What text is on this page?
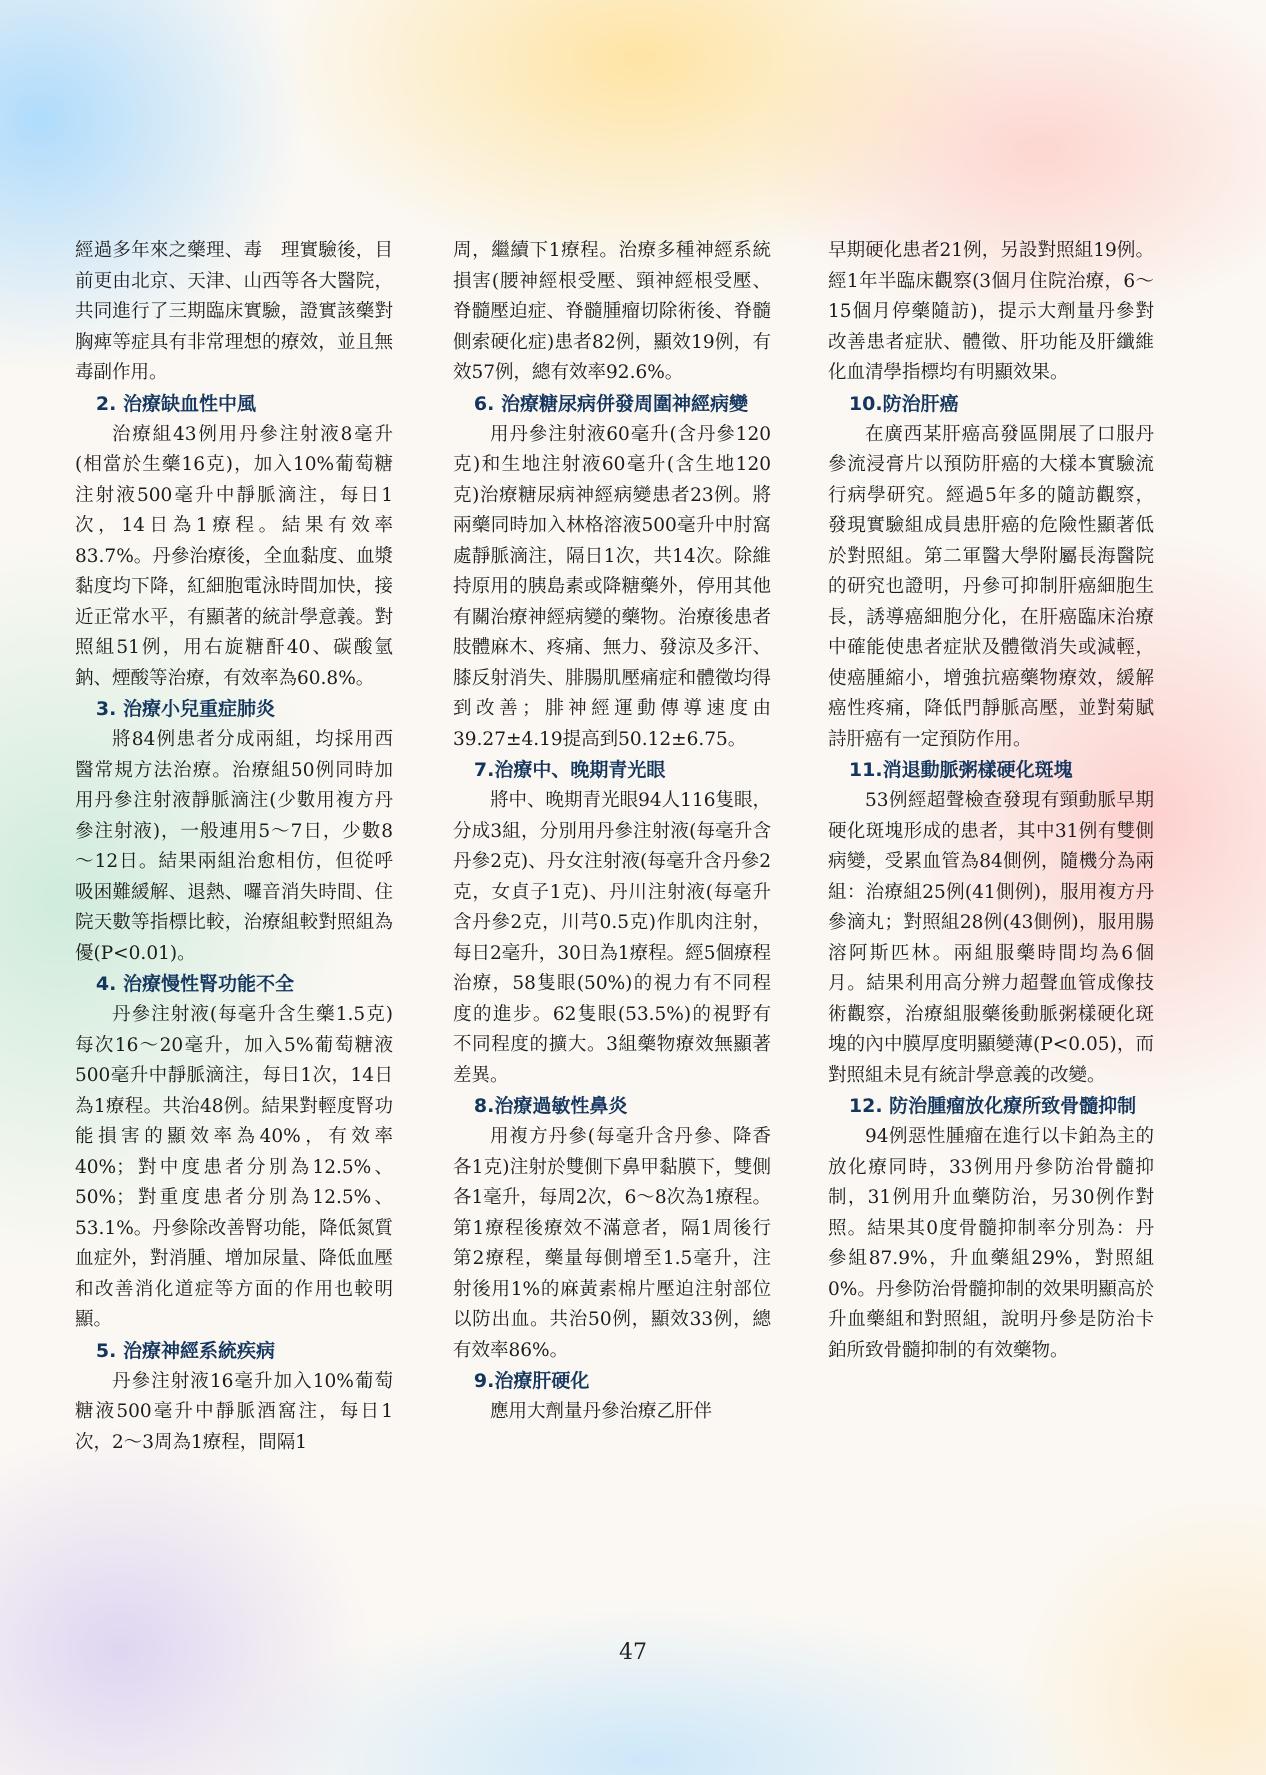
經過多年來之藥理、毒　理實驗後，目前更由北京、天津、山西等各大醫院，共同進行了三期臨床實驗，證實該藥對胸痺等症具有非常理想的療效，並且無毒副作用。

2. 治療缺血性中風

治療組43例用丹參注射液8毫升(相當於生藥16克)，加入10%葡萄糖注射液500毫升中靜脈滴注，每日1次，14日為1療程。結果有效率83.7%。丹參治療後，全血黏度、血漿黏度均下降，紅細胞電泳時間加快，接近正常水平，有顯著的統計學意義。對照組51例，用右旋糖酐40、碳酸氫鈉、煙酸等治療，有效率為60.8%。

3. 治療小兒重症肺炎

將84例患者分成兩組，均採用西醫常規方法治療。治療組50例同時加用丹參注射液靜脈滴注(少數用複方丹參注射液)，一般連用5～7日，少數8～12日。結果兩組治愈相仿，但從呼吸困難緩解、退熱、囉音消失時間、住院天數等指標比較，治療組較對照組為優(P<0.01)。

4. 治療慢性腎功能不全

丹參注射液(每毫升含生藥1.5克)每次16～20毫升，加入5%葡萄糖液500毫升中靜脈滴注，每日1次，14日為1療程。共治48例。結果對輕度腎功能損害的顯效率為40%，有效率40%；對中度患者分別為12.5%、50%；對重度患者分別為12.5%、53.1%。丹參除改善腎功能，降低氮質血症外，對消腫、增加尿量、降低血壓和改善消化道症等方面的作用也較明顯。

5. 治療神經系統疾病

丹參注射液16毫升加入10%葡萄糖液500毫升中靜脈酒窩注，每日1次，2～3周為1療程，間隔1

周，繼續下1療程。治療多種神經系統損害(腰神經根受壓、頸神經根受壓、脊髓壓迫症、脊髓腫瘤切除術後、脊髓側索硬化症)患者82例，顯效19例，有效57例，總有效率92.6%。

6. 治療糖尿病併發周圍神經病變

用丹參注射液60毫升(含丹參120克)和生地注射液60毫升(含生地120克)治療糖尿病神經病變患者23例。將兩藥同時加入林格溶液500毫升中肘窩處靜脈滴注，隔日1次，共14次。除維持原用的胰島素或降糖藥外，停用其他有關治療神經病變的藥物。治療後患者肢體麻木、疼痛、無力、發涼及多汗、膝反射消失、腓腸肌壓痛症和體徵均得到改善；腓神經運動傳導速度由39.27±4.19提高到50.12±6.75。

7.治療中、晚期青光眼

將中、晚期青光眼94人116隻眼，分成3組，分別用丹參注射液(每毫升含丹參2克)、丹女注射液(每毫升含丹參2克，女貞子1克)、丹川注射液(每毫升含丹參2克，川芎0.5克)作肌肉注射，每日2毫升，30日為1療程。經5個療程治療，58隻眼(50%)的視力有不同程度的進步。62隻眼(53.5%)的視野有不同程度的擴大。3組藥物療效無顯著差異。

8.治療過敏性鼻炎

用複方丹參(每毫升含丹參、降香各1克)注射於雙側下鼻甲黏膜下，雙側各1毫升，每周2次，6～8次為1療程。第1療程後療效不滿意者，隔1周後行第2療程，藥量每側增至1.5毫升，注射後用1%的麻黃素棉片壓迫注射部位以防出血。共治50例，顯效33例，總有效率86%。

9.治療肝硬化

應用大劑量丹參治療乙肝伴

早期硬化患者21例，另設對照組19例。經1年半臨床觀察(3個月住院治療，6～15個月停藥隨訪)，提示大劑量丹參對改善患者症狀、體徵、肝功能及肝纖維化血清學指標均有明顯效果。

10.防治肝癌

在廣西某肝癌高發區開展了口服丹參流浸膏片以預防肝癌的大樣本實驗流行病學研究。經過5年多的隨訪觀察，發現實驗組成員患肝癌的危險性顯著低於對照組。第二軍醫大學附屬長海醫院的研究也證明，丹參可抑制肝癌細胞生長，誘導癌細胞分化，在肝癌臨床治療中確能使患者症狀及體徵消失或減輕，使癌腫縮小，增強抗癌藥物療效，緩解癌性疼痛，降低門靜脈高壓，並對菊賦詩肝癌有一定預防作用。

11.消退動脈粥樣硬化斑塊

53例經超聲檢查發現有頸動脈早期硬化斑塊形成的患者，其中31例有雙側病變，受累血管為84側例，隨機分為兩組：治療組25例(41側例)，服用複方丹參滴丸；對照組28例(43側例)，服用腸溶阿斯匹林。兩組服藥時間均為6個月。結果利用高分辨力超聲血管成像技術觀察，治療組服藥後動脈粥樣硬化斑塊的內中膜厚度明顯變薄(P<0.05)，而對照組未見有統計學意義的改變。

12. 防治腫瘤放化療所致骨髓抑制

94例惡性腫瘤在進行以卡鉑為主的放化療同時，33例用丹參防治骨髓抑制，31例用升血藥防治，另30例作對照。結果其0度骨髓抑制率分別為：丹參組87.9%，升血藥組29%，對照組0%。丹參防治骨髓抑制的效果明顯高於升血藥組和對照組，說明丹參是防治卡鉑所致骨髓抑制的有效藥物。

47
